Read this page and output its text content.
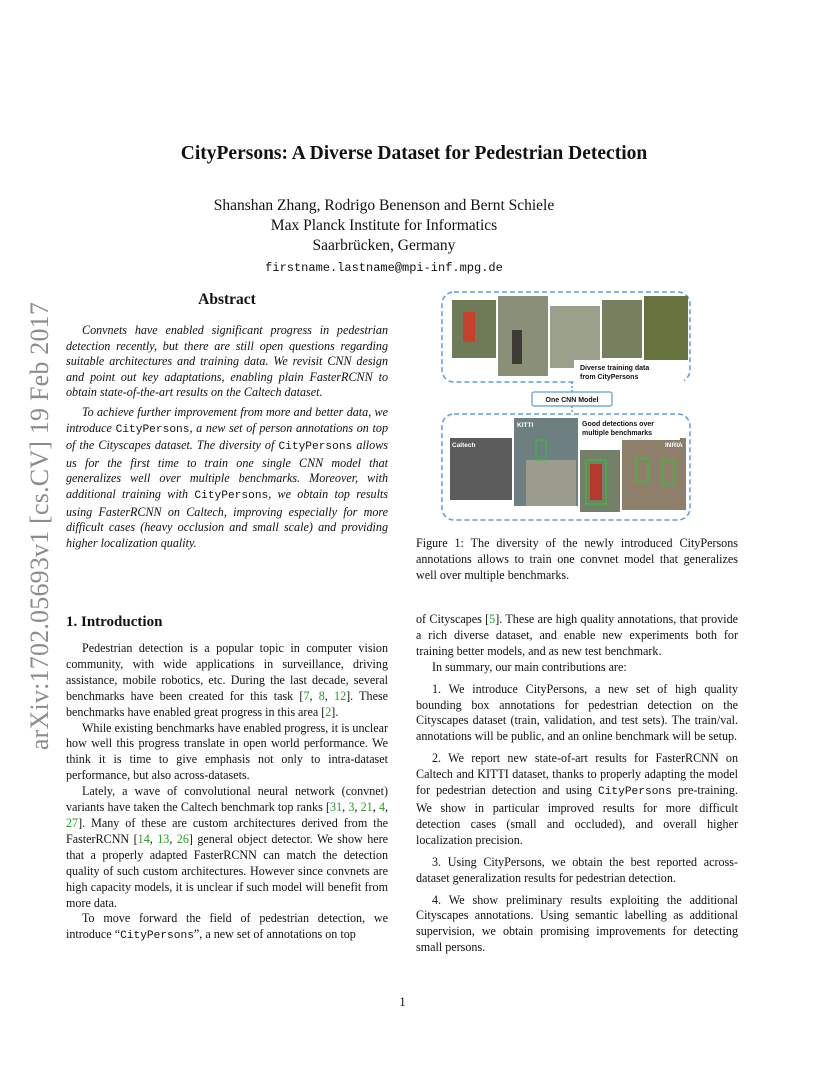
arXiv:1702.05693v1 [cs.CV] 19 Feb 2017
CityPersons: A Diverse Dataset for Pedestrian Detection
Shanshan Zhang, Rodrigo Benenson and Bernt Schiele
Max Planck Institute for Informatics
Saarbrücken, Germany
firstname.lastname@mpi-inf.mpg.de
Abstract

Convnets have enabled significant progress in pedestrian detection recently, but there are still open questions regarding suitable architectures and training data. We revisit CNN design and point out key adaptations, enabling plain FasterRCNN to obtain state-of-the-art results on the Caltech dataset.

To achieve further improvement from more and better data, we introduce CityPersons, a new set of person annotations on top of the Cityscapes dataset. The diversity of CityPersons allows us for the first time to train one single CNN model that generalizes well over multiple benchmarks. Moreover, with additional training with CityPersons, we obtain top results using FasterRCNN on Caltech, improving especially for more difficult cases (heavy occlusion and small scale) and providing higher localization quality.

Diverse training data
from CityPersons
One CNN Model
Good detections over
multiple benchmarks
Caltech
KITTI
ETH
INRIA
Figure 1: The diversity of the newly introduced CityPersons annotations allows to train one convnet model that generalizes well over multiple benchmarks.
1. Introduction

Pedestrian detection is a popular topic in computer vision community, with wide applications in surveillance, driving assistance, mobile robotics, etc. During the last decade, several benchmarks have been created for this task [7, 8, 12]. These benchmarks have enabled great progress in this area [2].

While existing benchmarks have enabled progress, it is unclear how well this progress translate in open world performance. We think it is time to give emphasis not only to intra-dataset performance, but also across-datasets.

Lately, a wave of convolutional neural network (convnet) variants have taken the Caltech benchmark top ranks [31, 3, 21, 4, 27]. Many of these are custom architectures derived from the FasterRCNN [14, 13, 26] general object detector. We show here that a properly adapted FasterRCNN can match the detection quality of such custom architectures. However since convnets are high capacity models, it is unclear if such model will benefit from more data.

To move forward the field of pedestrian detection, we introduce “CityPersons”, a new set of annotations on top

of Cityscapes [5]. These are high quality annotations, that provide a rich diverse dataset, and enable new experiments both for training better models, and as new test benchmark.

In summary, our main contributions are:

1. We introduce CityPersons, a new set of high quality bounding box annotations for pedestrian detection on the Cityscapes dataset (train, validation, and test sets). The train/val. annotations will be public, and an online benchmark will be setup.

2. We report new state-of-art results for FasterRCNN on Caltech and KITTI dataset, thanks to properly adapting the model for pedestrian detection and using CityPersons pre-training. We show in particular improved results for more difficult detection cases (small and occluded), and overall higher localization precision.

3. Using CityPersons, we obtain the best reported across-dataset generalization results for pedestrian detection.

4. We show preliminary results exploiting the additional Cityscapes annotations. Using semantic labelling as additional supervision, we obtain promising improvements for detecting small persons.

1
